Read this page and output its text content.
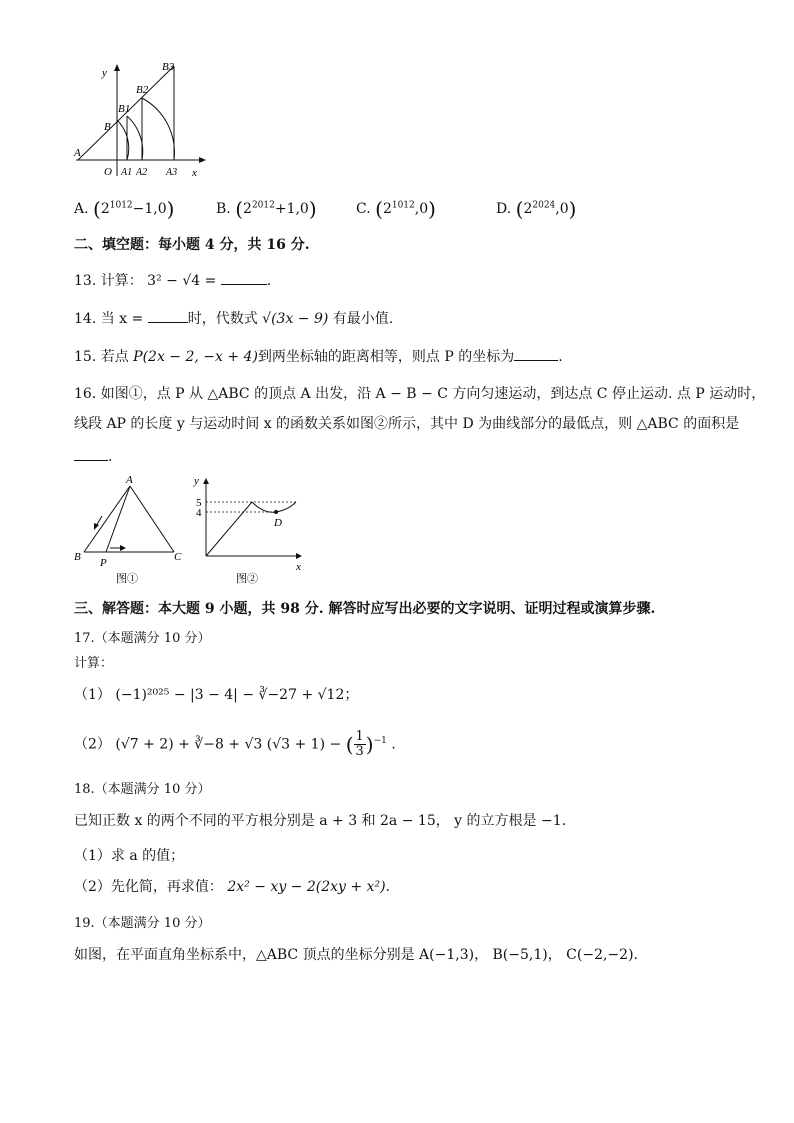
y
x
O
A
B
B1
B2
B3
A1 A2 A3
A. $(2^{1012}-1,0)$	B. $(2^{2012}+1,0)$	C. $(2^{1012},0)$	D. $(2^{2024},0)$
二、填空题：每小题 4 分，共 16 分.
13. 计算： 3² − √4 =	.
14. 当 x =	时，代数式 √(3x − 9) 有最小值.
15. 若点 P(2x − 2, −x + 4)到两坐标轴的距离相等，则点 P 的坐标为	.
16. 如图①，点 P 从 △ABC 的顶点 A 出发，沿 A − B − C 方向匀速运动，到达点 C 停止运动. 点 P 运动时，
线段 AP 的长度 y 与运动时间 x 的函数关系如图②所示，其中 D 为曲线部分的最低点，则 △ABC 的面积是
.
A
B	C
P
图①
y
x
5
4
D
图②
三、解答题：本大题 9 小题，共 98 分. 解答时应写出必要的文字说明、证明过程或演算步骤.
17.（本题满分 10 分）
计算：
（1） (−1)²⁰²⁵ − |3 − 4| − ∛−27 + √12；
（2） (√7 + 2) + ∛−8 + √3 (√3 + 1) − ( $\frac{1}{3} )^{-1}$ .
18.（本题满分 10 分）
已知正数 x 的两个不同的平方根分别是 a + 3 和 2a − 15， y 的立方根是 −1.
（1）求 a 的值；
（2）先化简，再求值： 2x² − xy − 2(2xy + x²).
19.（本题满分 10 分）
如图，在平面直角坐标系中，△ABC 顶点的坐标分别是 A(−1,3)， B(−5,1)， C(−2,−2).
